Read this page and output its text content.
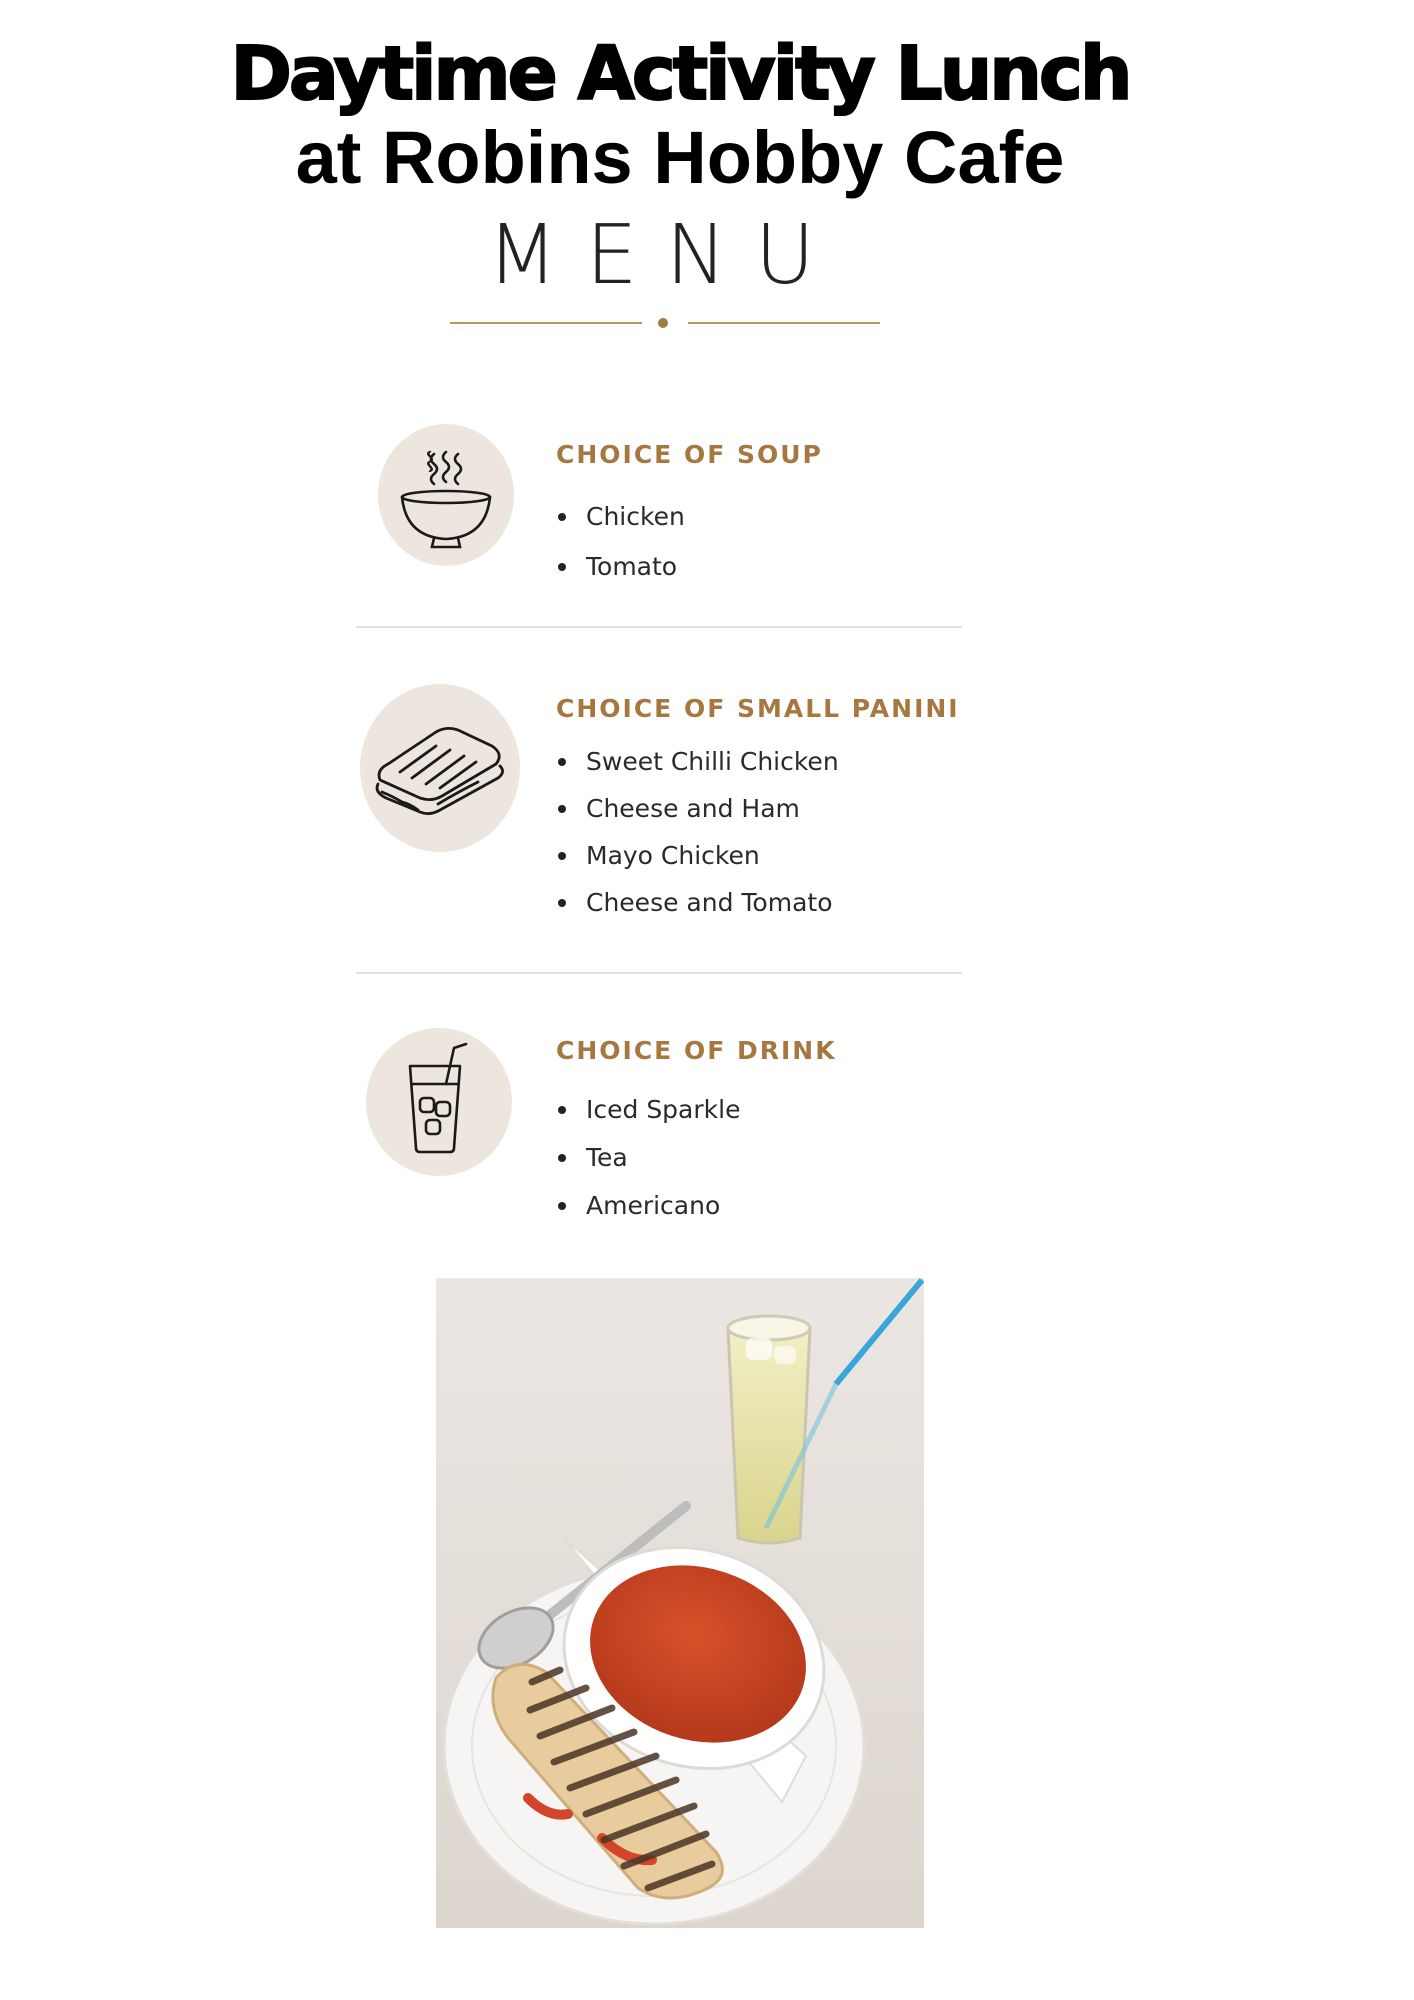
Daytime Activity Lunch
at Robins Hobby Cafe
MENU
CHOICE OF SOUP
Chicken
Tomato
CHOICE OF SMALL PANINI
Sweet Chilli Chicken
Cheese and Ham
Mayo Chicken
Cheese and Tomato
CHOICE OF DRINK
Iced Sparkle
Tea
Americano
